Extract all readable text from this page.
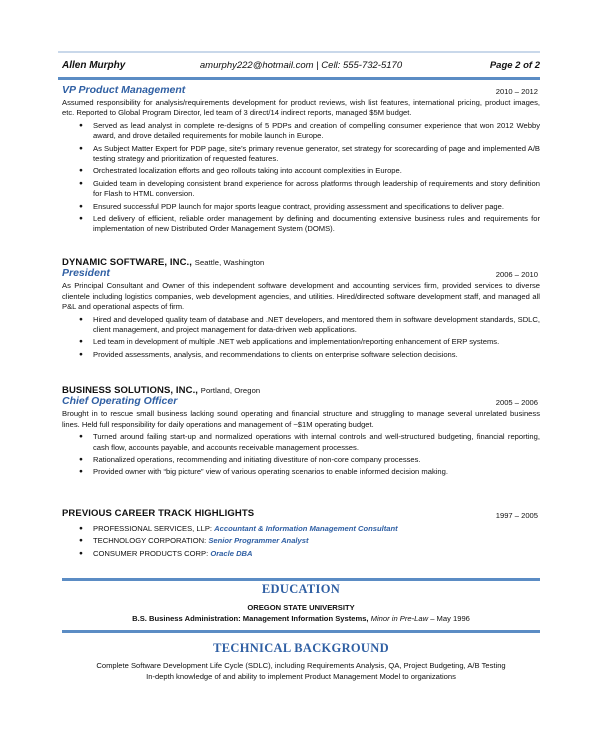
Allen Murphy	amurphy222@hotmail.com | Cell: 555-732-5170	Page 2 of 2
VP Product Management	2010 – 2012
Assumed responsibility for analysis/requirements development for product reviews, wish list features, international pricing, product images, etc. Reported to Global Program Director, led team of 3 direct/14 indirect reports, managed $5M budget.
● Served as lead analyst in complete re-designs of 5 PDPs and creation of compelling consumer experience that won 2012 Webby award, and drove detailed requirements for mobile launch in Europe.
● As Subject Matter Expert for PDP page, site’s primary revenue generator, set strategy for scorecarding of page and implemented A/B testing strategy and prioritization of requested features.
● Orchestrated localization efforts and geo rollouts taking into account complexities in Europe.
● Guided team in developing consistent brand experience for across platforms through leadership of requirements and story definition for Flash to HTML conversion.
● Ensured successful PDP launch for major sports league contract, providing assessment and specifications to deliver page.
● Led delivery of efficient, reliable order management by defining and documenting extensive business rules and requirements for implementation of new Distributed Order Management System (DOMS).
DYNAMIC SOFTWARE, INC., Seattle, Washington
President	2006 – 2010
As Principal Consultant and Owner of this independent software development and accounting services firm, provided services to diverse clientele including logistics companies, web development agencies, and utilities. Hired/directed software development staff, and managed all P&L and operational aspects of firm.
● Hired and developed quality team of database and .NET developers, and mentored them in software development standards, SDLC, client management, and project management for data-driven web applications.
● Led team in development of multiple .NET web applications and implementation/reporting enhancement of ERP systems.
● Provided assessments, analysis, and recommendations to clients on enterprise software selection decisions.
BUSINESS SOLUTIONS, INC., Portland, Oregon
Chief Operating Officer	2005 – 2006
Brought in to rescue small business lacking sound operating and financial structure and struggling to manage several unrelated business lines. Held full responsibility for daily operations and management of ~$1M operating budget.
● Turned around failing start-up and normalized operations with internal controls and well-structured budgeting, financial reporting, cash flow, accounts payable, and accounts receivable management processes.
● Rationalized operations, recommending and initiating divestiture of non-core company processes.
● Provided owner with “big picture” view of various operating scenarios to enable informed decision making.
PREVIOUS CAREER TRACK HIGHLIGHTS	1997 – 2005
● PROFESSIONAL SERVICES, LLP: Accountant & Information Management Consultant
● TECHNOLOGY CORPORATION: Senior Programmer Analyst
● CONSUMER PRODUCTS CORP: Oracle DBA
EDUCATION
OREGON STATE UNIVERSITY
B.S. Business Administration: Management Information Systems, Minor in Pre-Law – May 1996
TECHNICAL BACKGROUND
Complete Software Development Life Cycle (SDLC), including Requirements Analysis, QA, Project Budgeting, A/B Testing
In-depth knowledge of and ability to implement Product Management Model to organizations
